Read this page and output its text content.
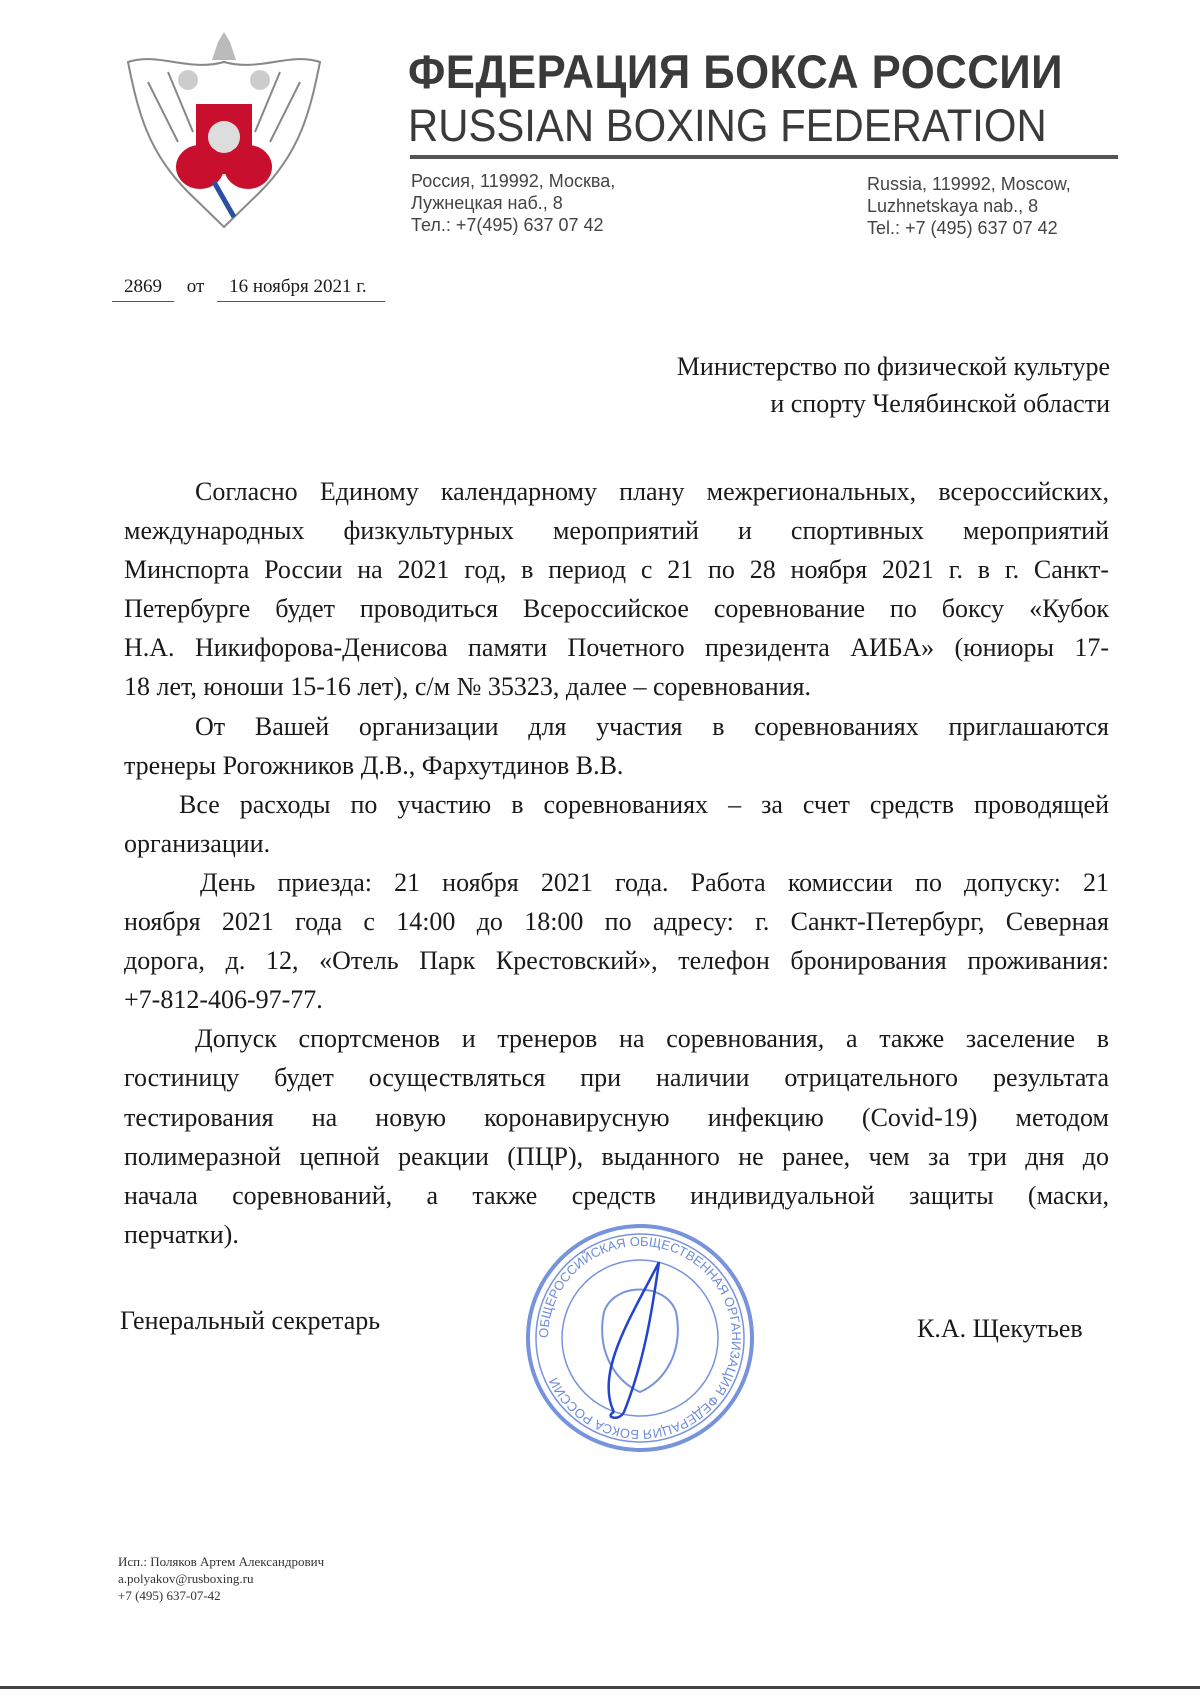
ФЕДЕРАЦИЯ БОКСА РОССИИ
RUSSIAN BOXING FEDERATION
Россия, 119992, Москва,
Лужнецкая наб., 8
Тел.: +7(495) 637 07 42
Russia, 119992, Moscow,
Luzhnetskaya nab., 8
Tel.: +7 (495) 637 07 42
2869 от 16 ноября 2021 г.
Министерство по физической культуре
и спорту Челябинской области
Согласно Единому календарному плану межрегиональных, всероссийских,
международных физкультурных мероприятий и спортивных мероприятий
Минспорта России на 2021 год, в период с 21 по 28 ноября 2021 г. в г. Санкт-
Петербурге будет проводиться Всероссийское соревнование по боксу «Кубок
Н.А. Никифорова-Денисова памяти Почетного президента АИБА» (юниоры 17-
18 лет, юноши 15-16 лет), с/м № 35323, далее – соревнования.
От Вашей организации для участия в соревнованиях приглашаются
тренеры Рогожников Д.В., Фархутдинов В.В.
Все расходы по участию в соревнованиях – за счет средств проводящей
организации.
День приезда: 21 ноября 2021 года. Работа комиссии по допуску: 21
ноября 2021 года с 14:00 до 18:00 по адресу: г. Санкт-Петербург, Северная
дорога, д. 12, «Отель Парк Крестовский», телефон бронирования проживания:
+7-812-406-97-77.
Допуск спортсменов и тренеров на соревнования, а также заселение в
гостиницу будет осуществляться при наличии отрицательного результата
тестирования на новую коронавирусную инфекцию (Covid-19) методом
полимеразной цепной реакции (ПЦР), выданного не ранее, чем за три дня до
начала соревнований, а также средств индивидуальной защиты (маски,
перчатки).
Генеральный секретарь	К.А. Щекутьев
ОБЩЕРОССИЙСКАЯ ОБЩЕСТВЕННАЯ ОРГАНИЗАЦИЯ ФЕДЕРАЦИЯ БОКСА РОССИИ
Исп.: Поляков Артем Александрович
a.polyakov@rusboxing.ru
+7 (495) 637-07-42
